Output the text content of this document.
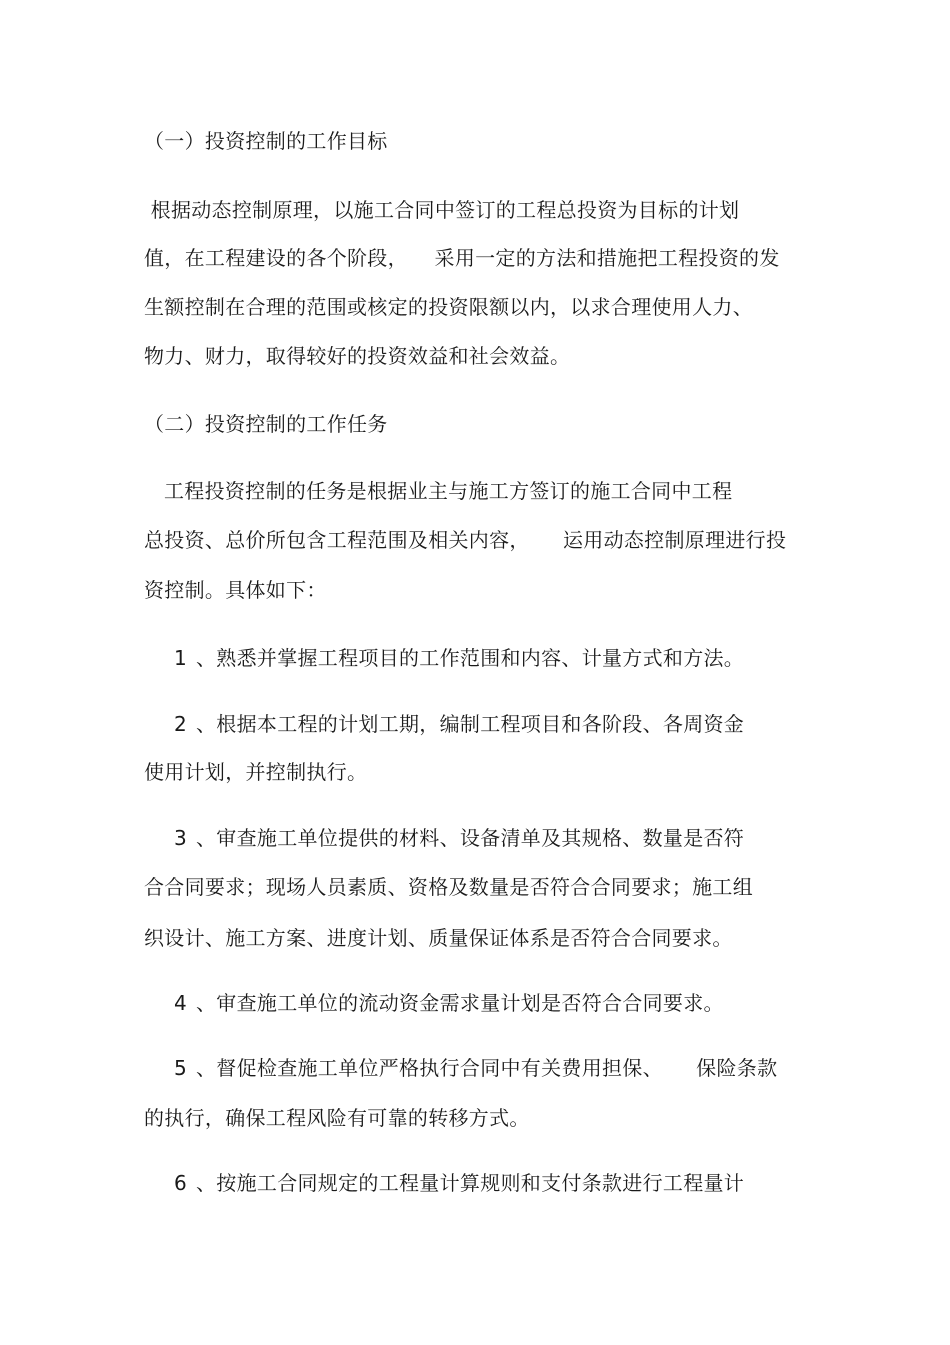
（一）投资控制的工作目标
根据动态控制原理，以施工合同中签订的工程总投资为目标的计划
值，在工程建设的各个阶段，    采用一定的方法和措施把工程投资的发
生额控制在合理的范围或核定的投资限额以内，以求合理使用人力、
物力、财力，取得较好的投资效益和社会效益。
（二）投资控制的工作任务
工程投资控制的任务是根据业主与施工方签订的施工合同中工程
总投资、总价所包含工程范围及相关内容，     运用动态控制原理进行投
资控制。具体如下：
1 、熟悉并掌握工程项目的工作范围和内容、计量方式和方法。
2 、根据本工程的计划工期，编制工程项目和各阶段、各周资金
使用计划，并控制执行。
3 、审查施工单位提供的材料、设备清单及其规格、数量是否符
合合同要求；现场人员素质、资格及数量是否符合合同要求；施工组
织设计、施工方案、进度计划、质量保证体系是否符合合同要求。
4 、审查施工单位的流动资金需求量计划是否符合合同要求。
5 、督促检查施工单位严格执行合同中有关费用担保、     保险条款
的执行，确保工程风险有可靠的转移方式。
6 、按施工合同规定的工程量计算规则和支付条款进行工程量计
